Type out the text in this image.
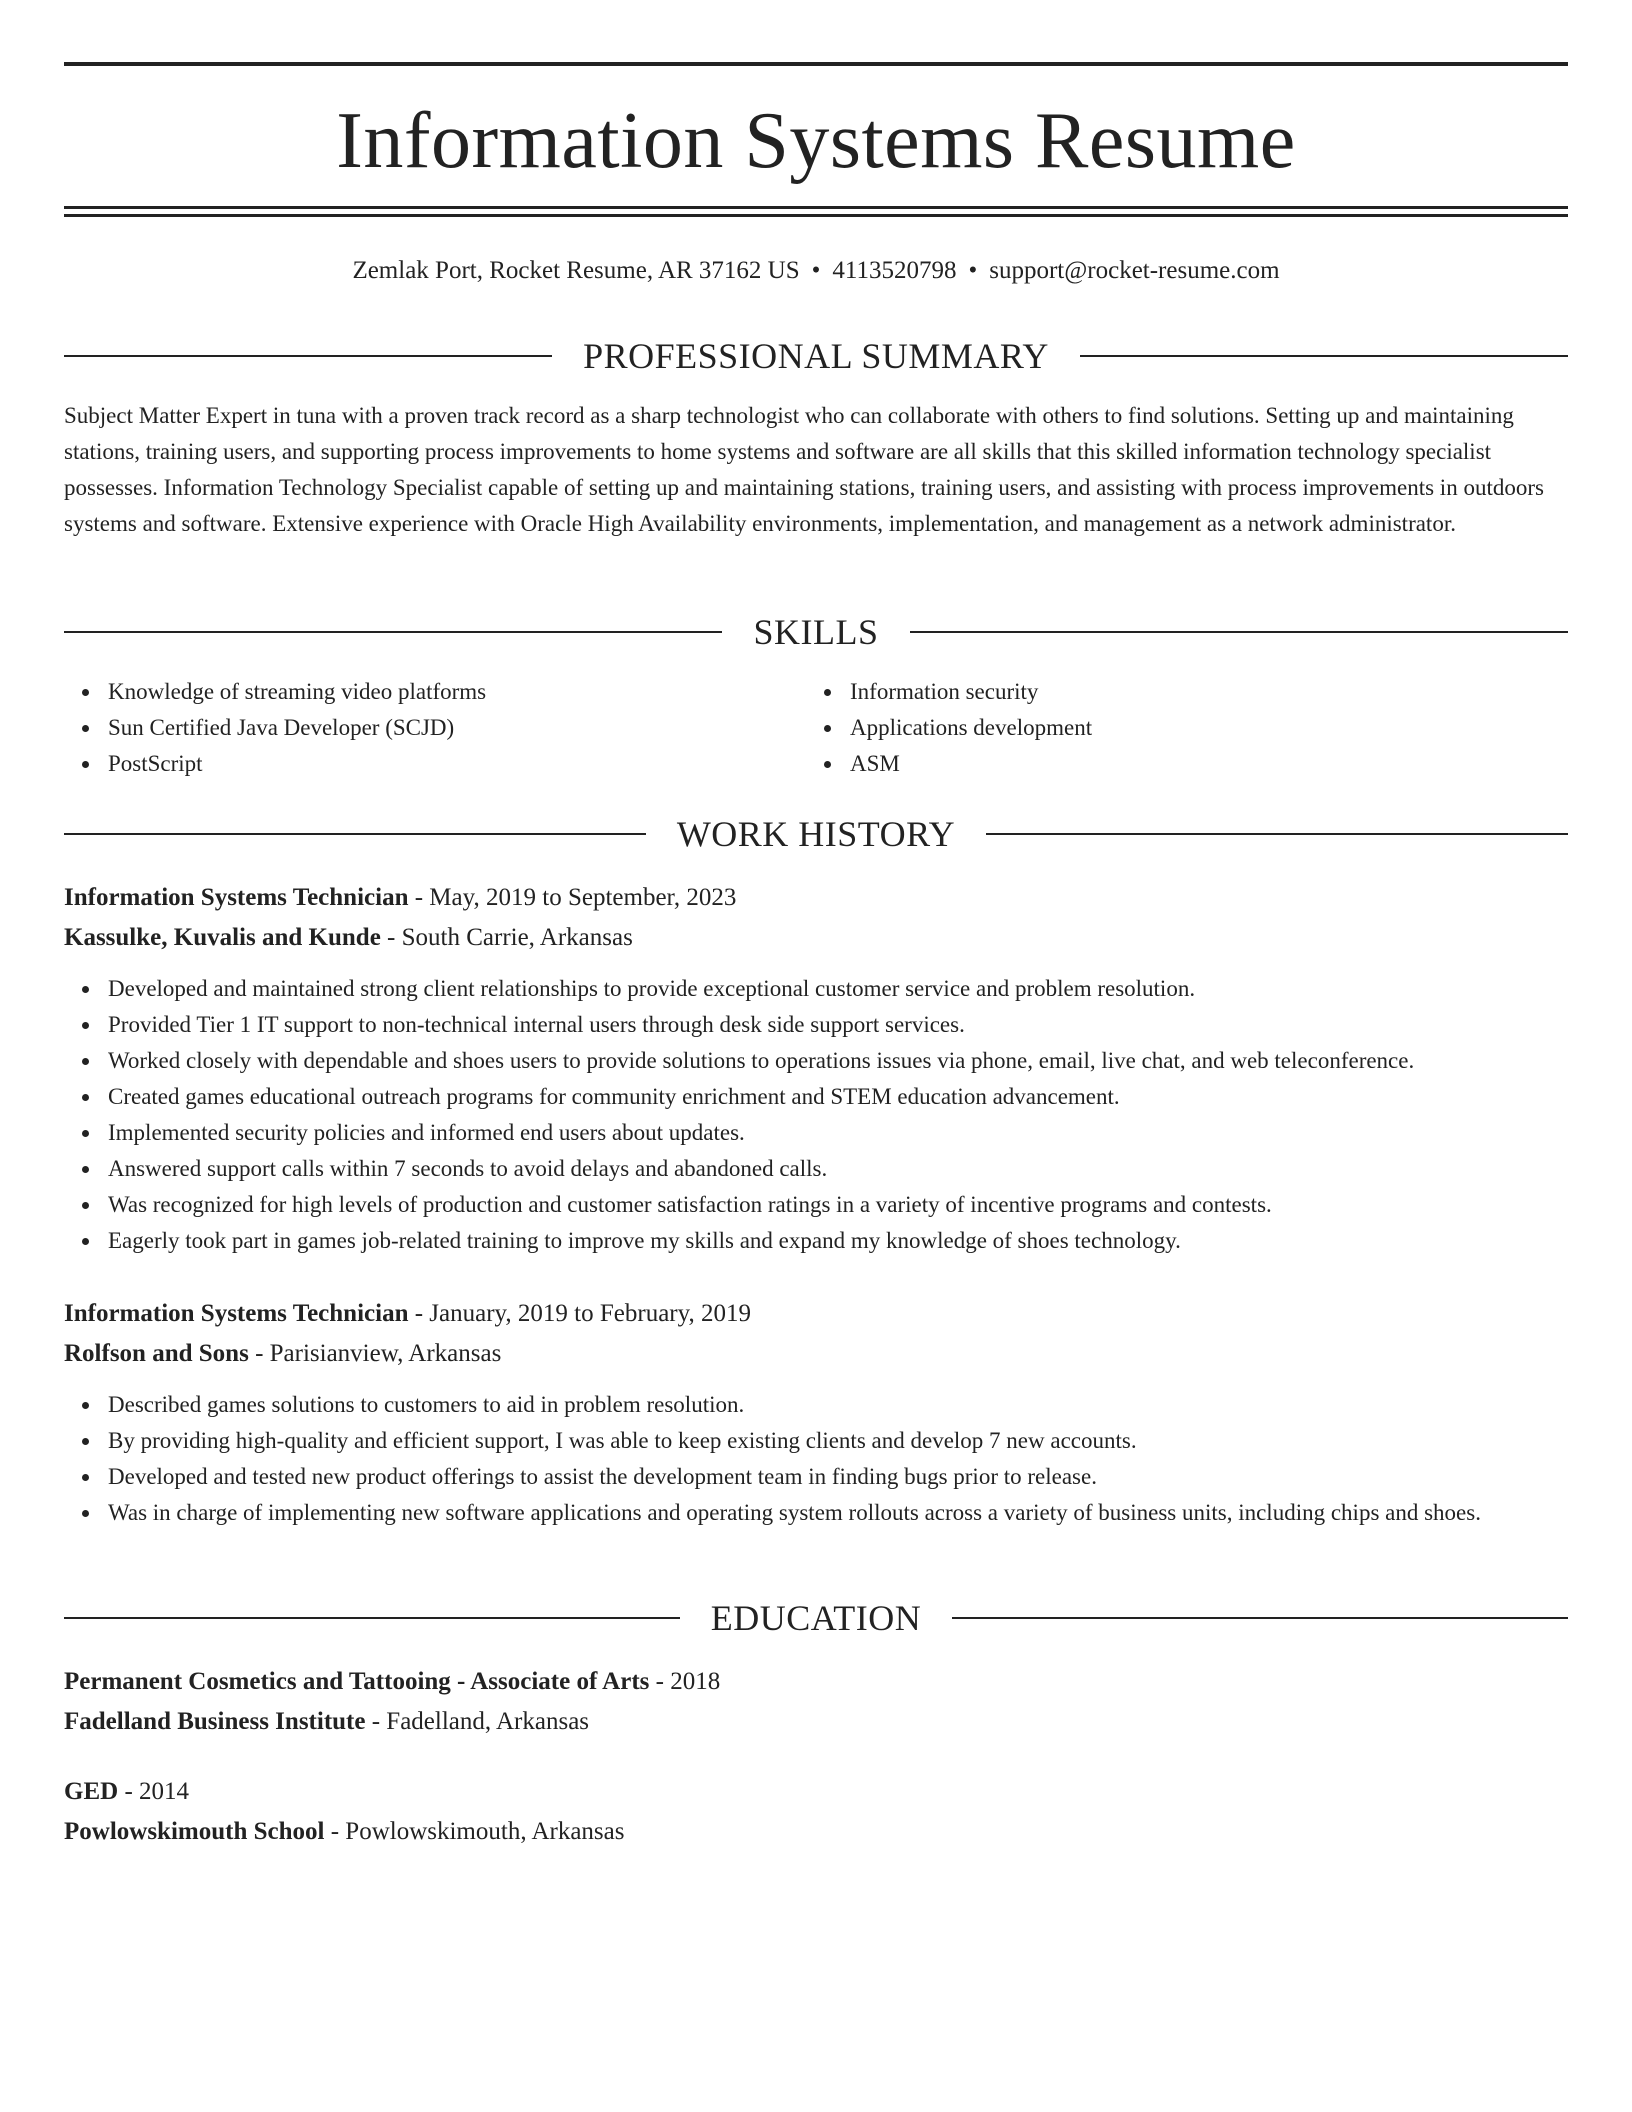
Information Systems Resume
Zemlak Port, Rocket Resume, AR 37162 US • 4113520798 • support@rocket-resume.com
PROFESSIONAL SUMMARY

Subject Matter Expert in tuna with a proven track record as a sharp technologist who can collaborate with others to find solutions. Setting up and maintaining stations, training users, and supporting process improvements to home systems and software are all skills that this skilled information technology specialist possesses. Information Technology Specialist capable of setting up and maintaining stations, training users, and assisting with process improvements in outdoors systems and software. Extensive experience with Oracle High Availability environments, implementation, and management as a network administrator.

SKILLS
Knowledge of streaming video platforms
Sun Certified Java Developer (SCJD)
PostScript
Information security
Applications development
ASM
WORK HISTORY
Information Systems Technician - May, 2019 to September, 2023
Kassulke, Kuvalis and Kunde - South Carrie, Arkansas
Developed and maintained strong client relationships to provide exceptional customer service and problem resolution.
Provided Tier 1 IT support to non-technical internal users through desk side support services.
Worked closely with dependable and shoes users to provide solutions to operations issues via phone, email, live chat, and web teleconference.
Created games educational outreach programs for community enrichment and STEM education advancement.
Implemented security policies and informed end users about updates.
Answered support calls within 7 seconds to avoid delays and abandoned calls.
Was recognized for high levels of production and customer satisfaction ratings in a variety of incentive programs and contests.
Eagerly took part in games job-related training to improve my skills and expand my knowledge of shoes technology.
Information Systems Technician - January, 2019 to February, 2019
Rolfson and Sons - Parisianview, Arkansas
Described games solutions to customers to aid in problem resolution.
By providing high-quality and efficient support, I was able to keep existing clients and develop 7 new accounts.
Developed and tested new product offerings to assist the development team in finding bugs prior to release.
Was in charge of implementing new software applications and operating system rollouts across a variety of business units, including chips and shoes.
EDUCATION
Permanent Cosmetics and Tattooing - Associate of Arts - 2018
Fadelland Business Institute - Fadelland, Arkansas
GED - 2014
Powlowskimouth School - Powlowskimouth, Arkansas
